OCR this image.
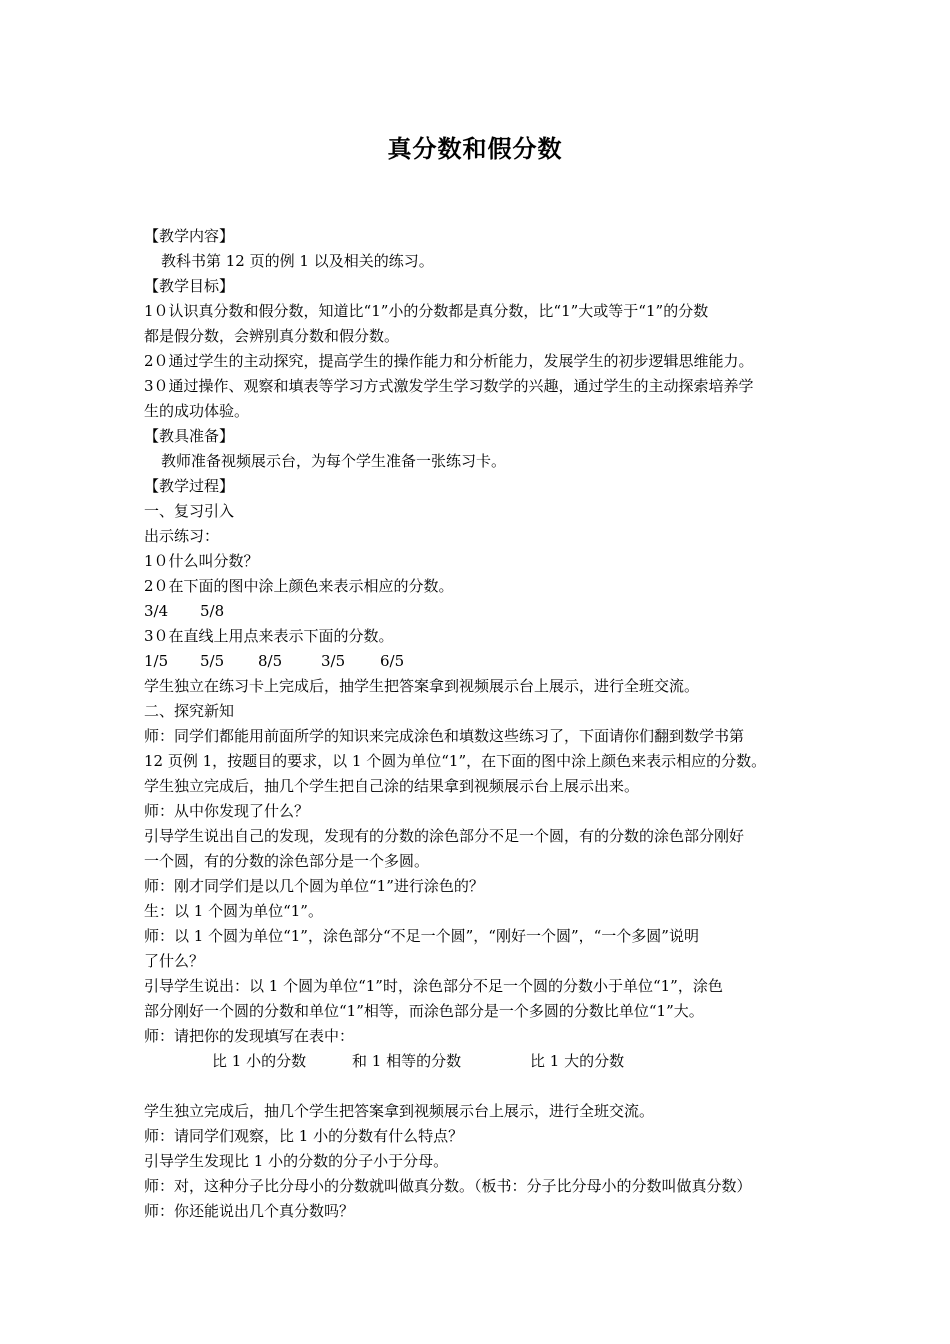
真分数和假分数
【教学内容】
教科书第 12 页的例 1 以及相关的练习。
【教学目标】
1０认识真分数和假分数，知道比“1”小的分数都是真分数，比“1”大或等于“1”的分数
都是假分数，会辨别真分数和假分数。
2０通过学生的主动探究，提高学生的操作能力和分析能力，发展学生的初步逻辑思维能力。
3０通过操作、观察和填表等学习方式激发学生学习数学的兴趣，通过学生的主动探索培养学
生的成功体验。
【教具准备】
教师准备视频展示台，为每个学生准备一张练习卡。
【教学过程】
一、复习引入
出示练习：
1０什么叫分数？
2０在下面的图中涂上颜色来表示相应的分数。
3/4 5/8
3０在直线上用点来表示下面的分数。
1/5 5/5 8/5	3/5 6/5
学生独立在练习卡上完成后，抽学生把答案拿到视频展示台上展示，进行全班交流。
二、探究新知
师：同学们都能用前面所学的知识来完成涂色和填数这些练习了，下面请你们翻到数学书第
12 页例 1，按题目的要求，以 1 个圆为单位“1”，在下面的图中涂上颜色来表示相应的分数。
学生独立完成后，抽几个学生把自己涂的结果拿到视频展示台上展示出来。
师：从中你发现了什么？
引导学生说出自己的发现，发现有的分数的涂色部分不足一个圆，有的分数的涂色部分刚好
一个圆，有的分数的涂色部分是一个多圆。
师：刚才同学们是以几个圆为单位“1”进行涂色的？
生：以 1 个圆为单位“1”。
师：以 1 个圆为单位“1”，涂色部分“不足一个圆”，“刚好一个圆”，“一个多圆”说明
了什么？
引导学生说出：以 1 个圆为单位“1”时，涂色部分不足一个圆的分数小于单位“1”，涂色
部分刚好一个圆的分数和单位“1”相等，而涂色部分是一个多圆的分数比单位“1”大。
师：请把你的发现填写在表中：
比 1 小的分数	和 1 相等的分数	比 1 大的分数
学生独立完成后，抽几个学生把答案拿到视频展示台上展示，进行全班交流。
师：请同学们观察，比 1 小的分数有什么特点？
引导学生发现比 1 小的分数的分子小于分母。
师：对，这种分子比分母小的分数就叫做真分数。（板书：分子比分母小的分数叫做真分数）
师：你还能说出几个真分数吗？
